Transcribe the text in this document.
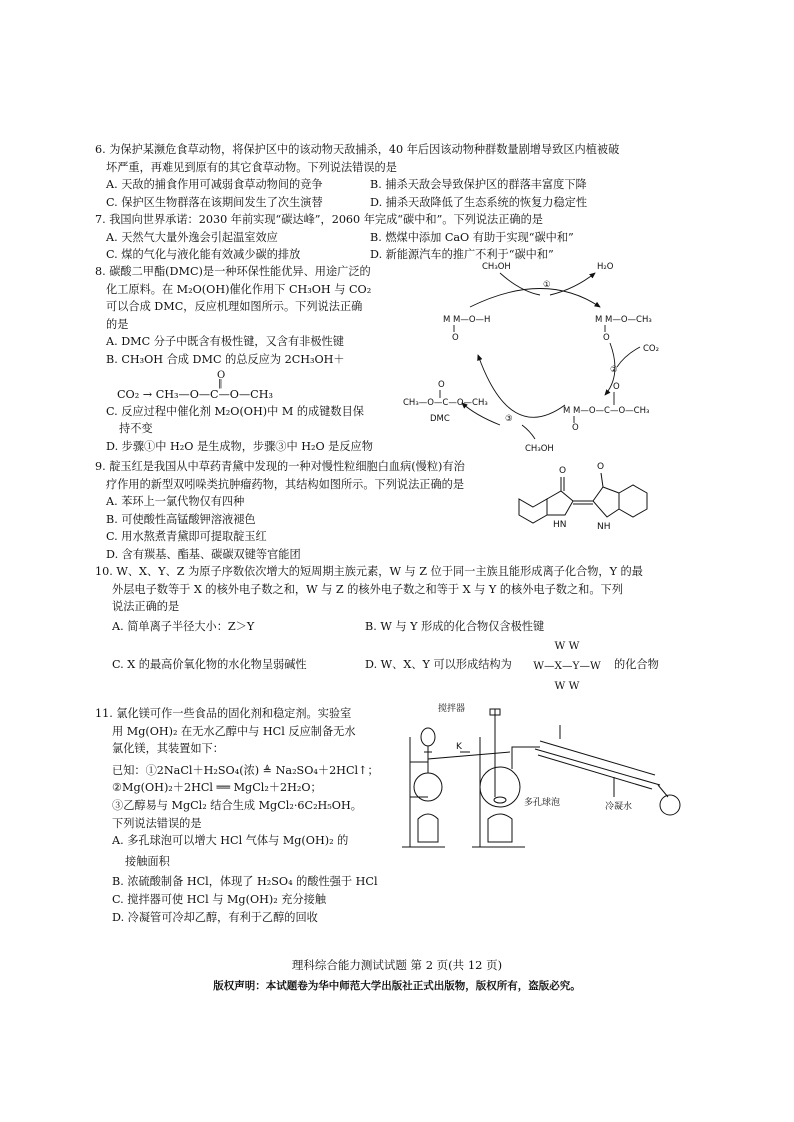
6. 为保护某濒危食草动物，将保护区中的该动物天敌捕杀，40 年后因该动物种群数量剧增导致区内植被破
坏严重，再难见到原有的其它食草动物。下列说法错误的是
A. 天敌的捕食作用可减弱食草动物间的竞争	B. 捕杀天敌会导致保护区的群落丰富度下降
C. 保护区生物群落在该期间发生了次生演替	D. 捕杀天敌降低了生态系统的恢复力稳定性
7. 我国向世界承诺：2030 年前实现“碳达峰”，2060 年完成“碳中和”。下列说法正确的是
A. 天然气大量外逸会引起温室效应	B. 燃煤中添加 CaO 有助于实现“碳中和”
C. 煤的气化与液化能有效减少碳的排放	D. 新能源汽车的推广不利于“碳中和”
8. 碳酸二甲酯(DMC)是一种环保性能优异、用途广泛的
化工原料。在 M₂O(OH)催化作用下 CH₃OH 与 CO₂
可以合成 DMC，反应机理如图所示。下列说法正确
的是
A. DMC 分子中既含有极性键，又含有非极性键
B. CH₃OH 合成 DMC 的总反应为 2CH₃OH＋
O
‖
CO₂ → CH₃—O—C—O—CH₃
C. 反应过程中催化剂 M₂O(OH)中 M 的成键数目保
持不变
D. 步骤①中 H₂O 是生成物，步骤③中 H₂O 是反应物
CH₃OH	H₂O
①
M M—O—H
O
M M—O—CH₃
O
CO₂
②
O
M M—O—C—O—CH₃
O
O
CH₃—O—C—O—CH₃
DMC	③
CH₃OH
9. 靛玉红是我国从中草药青黛中发现的一种对慢性粒细胞白血病(慢粒)有治
疗作用的新型双吲哚类抗肿瘤药物，其结构如图所示。下列说法正确的是
A. 苯环上一氯代物仅有四种
B. 可使酸性高锰酸钾溶液褪色
C. 用水熬煮青黛即可提取靛玉红
D. 含有羰基、酯基、碳碳双键等官能团
O	O
HN	NH
10. W、X、Y、Z 为原子序数依次增大的短周期主族元素，W 与 Z 位于同一主族且能形成离子化合物，Y 的最
外层电子数等于 X 的核外电子数之和，W 与 Z 的核外电子数之和等于 X 与 Y 的核外电子数之和。下列
说法正确的是
A. 简单离子半径大小：Z＞Y	B. W 与 Y 形成的化合物仅含极性键
C. X 的最高价氧化物的水化物呈弱碱性	D. W、X、Y 可以形成结构为
W W
W—X—Y—W
W W
的化合物
11. 氯化镁可作一些食品的固化剂和稳定剂。实验室
用 Mg(OH)₂ 在无水乙醇中与 HCl 反应制备无水
氯化镁，其装置如下：
已知：①2NaCl＋H₂SO₄(浓) ≜ Na₂SO₄＋2HCl↑；
②Mg(OH)₂＋2HCl ══ MgCl₂＋2H₂O；
③乙醇易与 MgCl₂ 结合生成 MgCl₂·6C₂H₅OH。
下列说法错误的是
A. 多孔球泡可以增大 HCl 气体与 Mg(OH)₂ 的
接触面积
B. 浓硫酸制备 HCl，体现了 H₂SO₄ 的酸性强于 HCl
C. 搅拌器可使 HCl 与 Mg(OH)₂ 充分接触
D. 冷凝管可冷却乙醇，有利于乙醇的回收
搅拌器
K
多孔球泡	冷凝水
理科综合能力测试试题 第 2 页(共 12 页)
版权声明：本试题卷为华中师范大学出版社正式出版物，版权所有，盗版必究。
